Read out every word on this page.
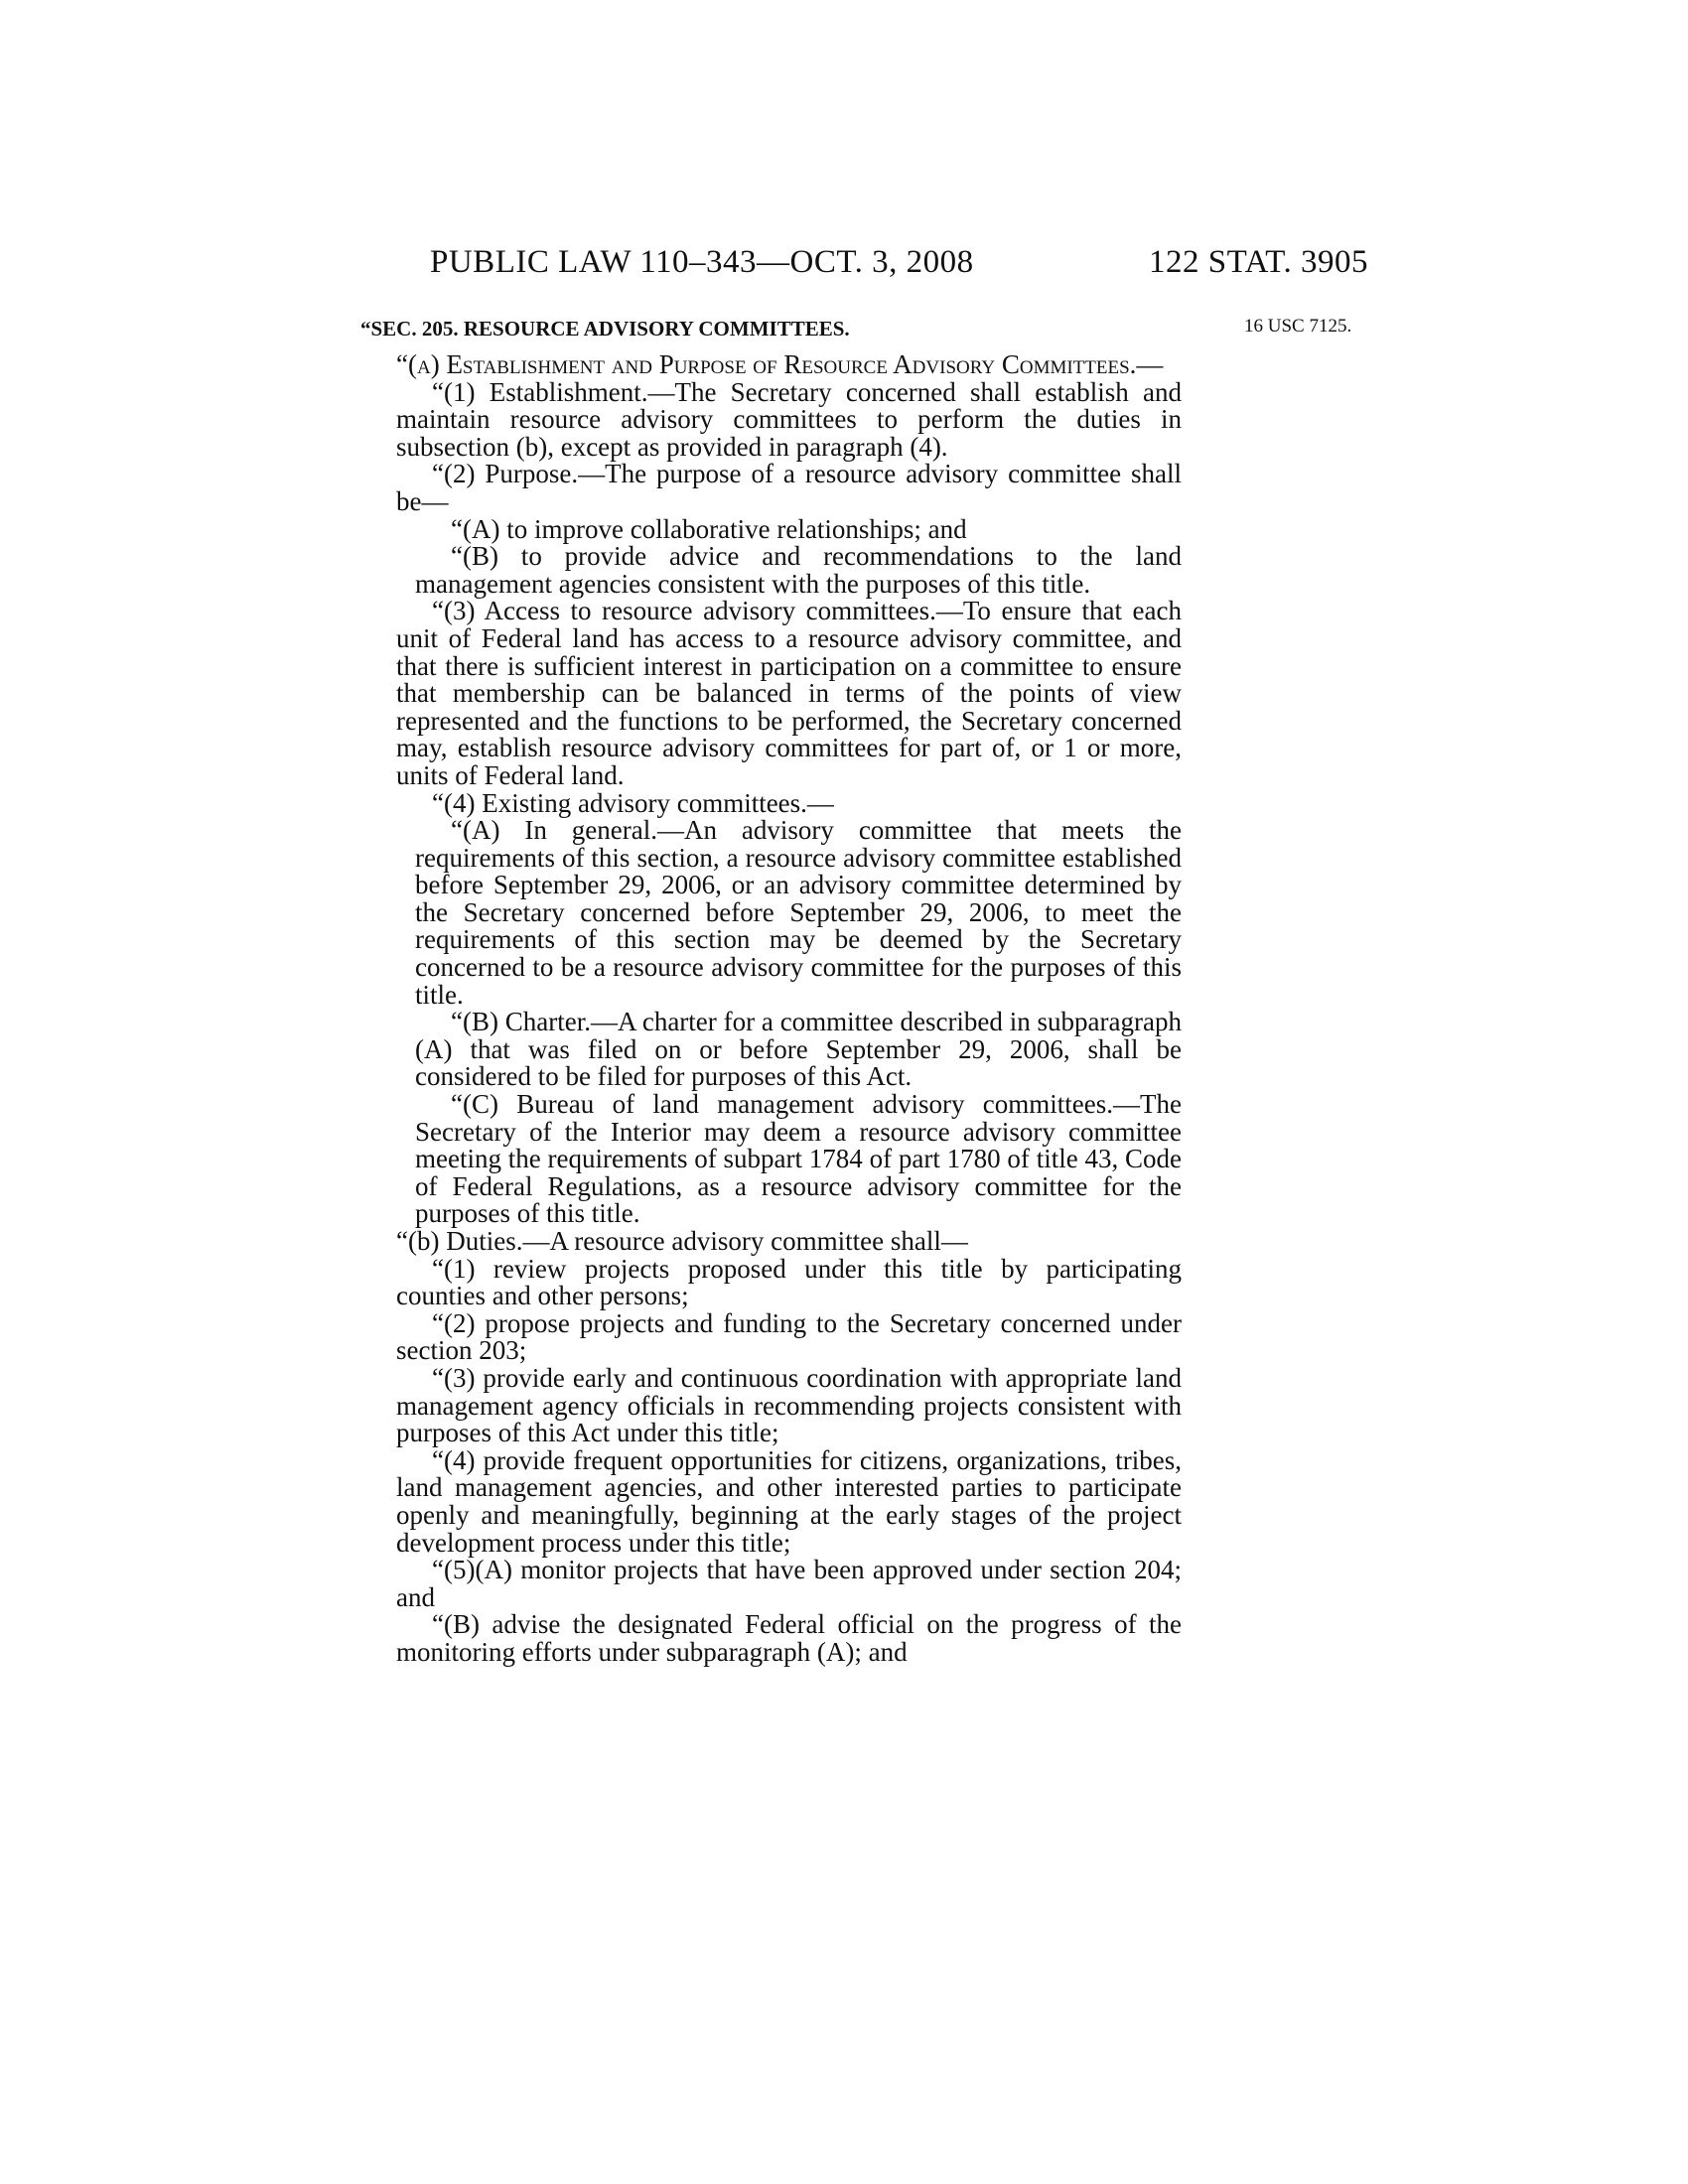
PUBLIC LAW 110–343—OCT. 3, 2008	122 STAT. 3905
16 USC 7125.
“SEC. 205. RESOURCE ADVISORY COMMITTEES.

“(a) Establishment and Purpose of Resource Advisory Committees.—

“(1) Establishment.—The Secretary concerned shall establish and maintain resource advisory committees to perform the duties in subsection (b), except as provided in paragraph (4).

“(2) Purpose.—The purpose of a resource advisory committee shall be—

“(A) to improve collaborative relationships; and

“(B) to provide advice and recommendations to the land management agencies consistent with the purposes of this title.

“(3) Access to resource advisory committees.—To ensure that each unit of Federal land has access to a resource advisory committee, and that there is sufficient interest in participation on a committee to ensure that membership can be balanced in terms of the points of view represented and the functions to be performed, the Secretary concerned may, establish resource advisory committees for part of, or 1 or more, units of Federal land.

“(4) Existing advisory committees.—

“(A) In general.—An advisory committee that meets the requirements of this section, a resource advisory committee established before September 29, 2006, or an advisory committee determined by the Secretary concerned before September 29, 2006, to meet the requirements of this section may be deemed by the Secretary concerned to be a resource advisory committee for the purposes of this title.

“(B) Charter.—A charter for a committee described in subparagraph (A) that was filed on or before September 29, 2006, shall be considered to be filed for purposes of this Act.

“(C) Bureau of land management advisory committees.—The Secretary of the Interior may deem a resource advisory committee meeting the requirements of subpart 1784 of part 1780 of title 43, Code of Federal Regulations, as a resource advisory committee for the purposes of this title.

“(b) Duties.—A resource advisory committee shall—

“(1) review projects proposed under this title by participating counties and other persons;

“(2) propose projects and funding to the Secretary concerned under section 203;

“(3) provide early and continuous coordination with appropriate land management agency officials in recommending projects consistent with purposes of this Act under this title;

“(4) provide frequent opportunities for citizens, organizations, tribes, land management agencies, and other interested parties to participate openly and meaningfully, beginning at the early stages of the project development process under this title;

“(5)(A) monitor projects that have been approved under section 204; and

“(B) advise the designated Federal official on the progress of the monitoring efforts under subparagraph (A); and
